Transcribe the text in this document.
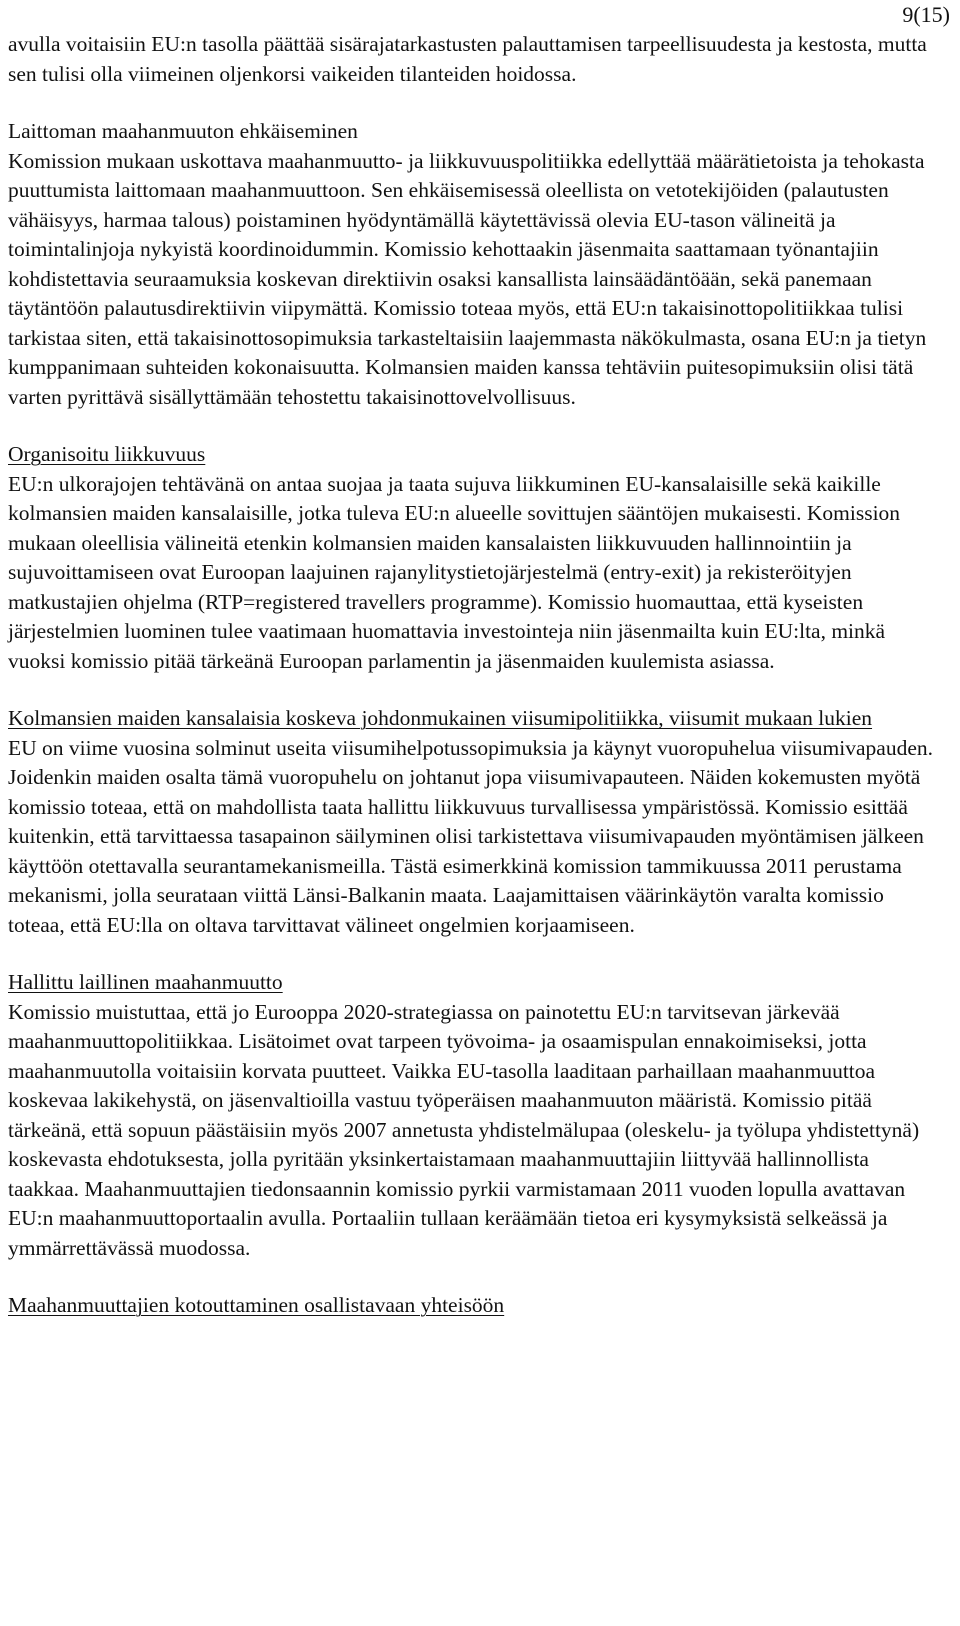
9(15)

avulla voitaisiin EU:n tasolla päättää sisärajatarkastusten palauttamisen tarpeellisuudesta ja kestosta, mutta sen tulisi olla viimeinen oljenkorsi vaikeiden tilanteiden hoidossa.

Laittoman maahanmuuton ehkäiseminen

Komission mukaan uskottava maahanmuutto- ja liikkuvuuspolitiikka edellyttää määrätietoista ja tehokasta puuttumista laittomaan maahanmuuttoon. Sen ehkäisemisessä oleellista on vetotekijöiden (palautusten vähäisyys, harmaa talous) poistaminen hyödyntämällä käytettävissä olevia EU-tason välineitä ja toimintalinjoja nykyistä koordinoidummin. Komissio kehottaakin jäsenmaita saattamaan työnantajiin kohdistettavia seuraamuksia koskevan direktiivin osaksi kansallista lainsäädäntöään, sekä panemaan täytäntöön palautusdirektiivin viipymättä. Komissio toteaa myös, että EU:n takaisinottopolitiikkaa tulisi tarkistaa siten, että takaisinottosopimuksia tarkasteltaisiin laajemmasta näkökulmasta, osana EU:n ja tietyn kumppanimaan suhteiden kokonaisuutta. Kolmansien maiden kanssa tehtäviin puitesopimuksiin olisi tätä varten pyrittävä sisällyttämään tehostettu takaisinottovelvollisuus.

Organisoitu liikkuvuus

EU:n ulkorajojen tehtävänä on antaa suojaa ja taata sujuva liikkuminen EU-kansalaisille sekä kaikille kolmansien maiden kansalaisille, jotka tuleva EU:n alueelle sovittujen sääntöjen mukaisesti. Komission mukaan oleellisia välineitä etenkin kolmansien maiden kansalaisten liikkuvuuden hallinnointiin ja sujuvoittamiseen ovat Euroopan laajuinen rajanylitystietojärjestelmä (entry-exit) ja rekisteröityjen matkustajien ohjelma (RTP=registered travellers programme). Komissio huomauttaa, että kyseisten järjestelmien luominen tulee vaatimaan huomattavia investointeja niin jäsenmailta kuin EU:lta, minkä vuoksi komissio pitää tärkeänä Euroopan parlamentin ja jäsenmaiden kuulemista asiassa.

Kolmansien maiden kansalaisia koskeva johdonmukainen viisumipolitiikka, viisumit mukaan lukien

EU on viime vuosina solminut useita viisumihelpotussopimuksia ja käynyt vuoropuhelua viisumivapauden. Joidenkin maiden osalta tämä vuoropuhelu on johtanut jopa viisumivapauteen. Näiden kokemusten myötä komissio toteaa, että on mahdollista taata hallittu liikkuvuus turvallisessa ympäristössä. Komissio esittää kuitenkin, että tarvittaessa tasapainon säilyminen olisi tarkistettava viisumivapauden myöntämisen jälkeen käyttöön otettavalla seurantamekanismeilla. Tästä esimerkkinä komission tammikuussa 2011 perustama mekanismi, jolla seurataan viittä Länsi-Balkanin maata. Laajamittaisen väärinkäytön varalta komissio toteaa, että EU:lla on oltava tarvittavat välineet ongelmien korjaamiseen.

Hallittu laillinen maahanmuutto

Komissio muistuttaa, että jo Eurooppa 2020-strategiassa on painotettu EU:n tarvitsevan järkevää maahanmuuttopolitiikkaa. Lisätoimet ovat tarpeen työvoima- ja osaamispulan ennakoimiseksi, jotta maahanmuutolla voitaisiin korvata puutteet. Vaikka EU-tasolla laaditaan parhaillaan maahanmuuttoa koskevaa lakikehystä, on jäsenvaltioilla vastuu työperäisen maahanmuuton määristä. Komissio pitää tärkeänä, että sopuun päästäisiin myös 2007 annetusta yhdistelmälupaa (oleskelu- ja työlupa yhdistettynä) koskevasta ehdotuksesta, jolla pyritään yksinkertaistamaan maahanmuuttajiin liittyvää hallinnollista taakkaa. Maahanmuuttajien tiedonsaannin komissio pyrkii varmistamaan 2011 vuoden lopulla avattavan EU:n maahanmuuttoportaalin avulla. Portaaliin tullaan keräämään tietoa eri kysymyksistä selkeässä ja ymmärrettävässä muodossa.

Maahanmuuttajien kotouttaminen osallistavaan yhteisöön
